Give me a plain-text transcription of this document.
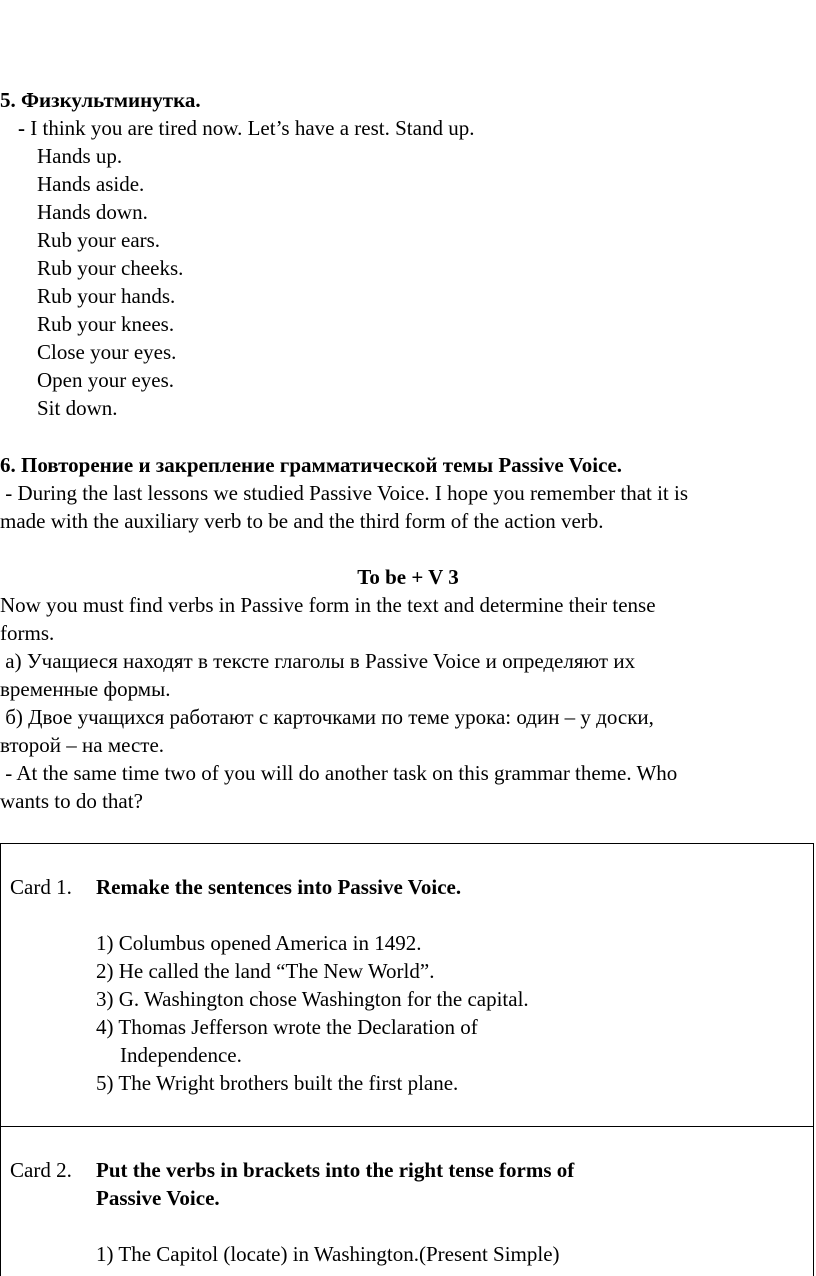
5. Физкультминутка.
- I think you are tired now. Let’s have a rest. Stand up.
Hands up.
Hands aside.
Hands down.
Rub your ears.
Rub your cheeks.
Rub your hands.
Rub your knees.
Close your eyes.
Open your eyes.
Sit down.
6. Повторение и закрепление грамматической темы Passive Voice.
- During the last lessons we studied Passive Voice. I hope you remember that it is
made with the auxiliary verb to be and the third form of the action verb.
To be + V 3
Now you must find verbs in Passive form in the text and determine their tense
forms.
а) Учащиеся находят в тексте глаголы в Passive Voice и определяют их
временные формы.
б) Двое учащихся работают с карточками по теме урока: один – у доски,
второй – на месте.
- At the same time two of you will do another task on this grammar theme. Who
wants to do that?
Card 1. Remake the sentences into Passive Voice.
1) Columbus opened America in 1492.
2) He called the land “The New World”.
3) G. Washington chose Washington for the capital.
4) Thomas Jefferson wrote the Declaration of
Independence.
5) The Wright brothers built the first plane.
Card 2. Put the verbs in brackets into the right tense forms of
Passive Voice.
1) The Capitol (locate) in Washington.(Present Simple)
